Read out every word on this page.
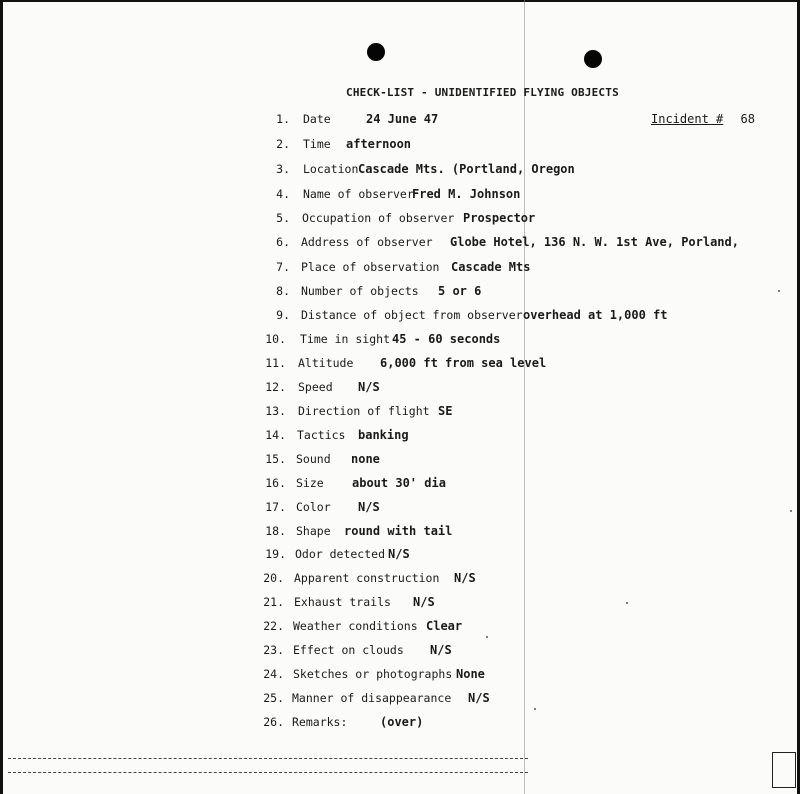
CHECK-LIST - UNIDENTIFIED FLYING OBJECTS
Incident # 68
1. Date	24 June 47
2. Time afternoon
3. Location Cascade Mts. (Portland, Oregon
4. Name of observer
Fred M. Johnson
5. Occupation of observer Prospector
6. Address of observer Globe Hotel, 136 N. W. 1st Ave, Porland,
7. Place of observation Cascade Mts
8. Number of objects 5 or 6
9. Distance of object from observer overhead at 1,000 ft
10. Time in sight 45 - 60 seconds
11. Altitude 6,000 ft from sea level
12. Speed N/S
13. Direction of flight SE
14. Tactics banking
15. Sound none
16. Size about 30' dia
17. Color N/S
18. Shape round with tail
19. Odor detected N/S
20. Apparent construction N/S
21. Exhaust trails N/S
22. Weather conditions Clear
23. Effect on clouds N/S
24. Sketches or photographs None
25. Manner of disappearance N/S
26. Remarks:	(over)
